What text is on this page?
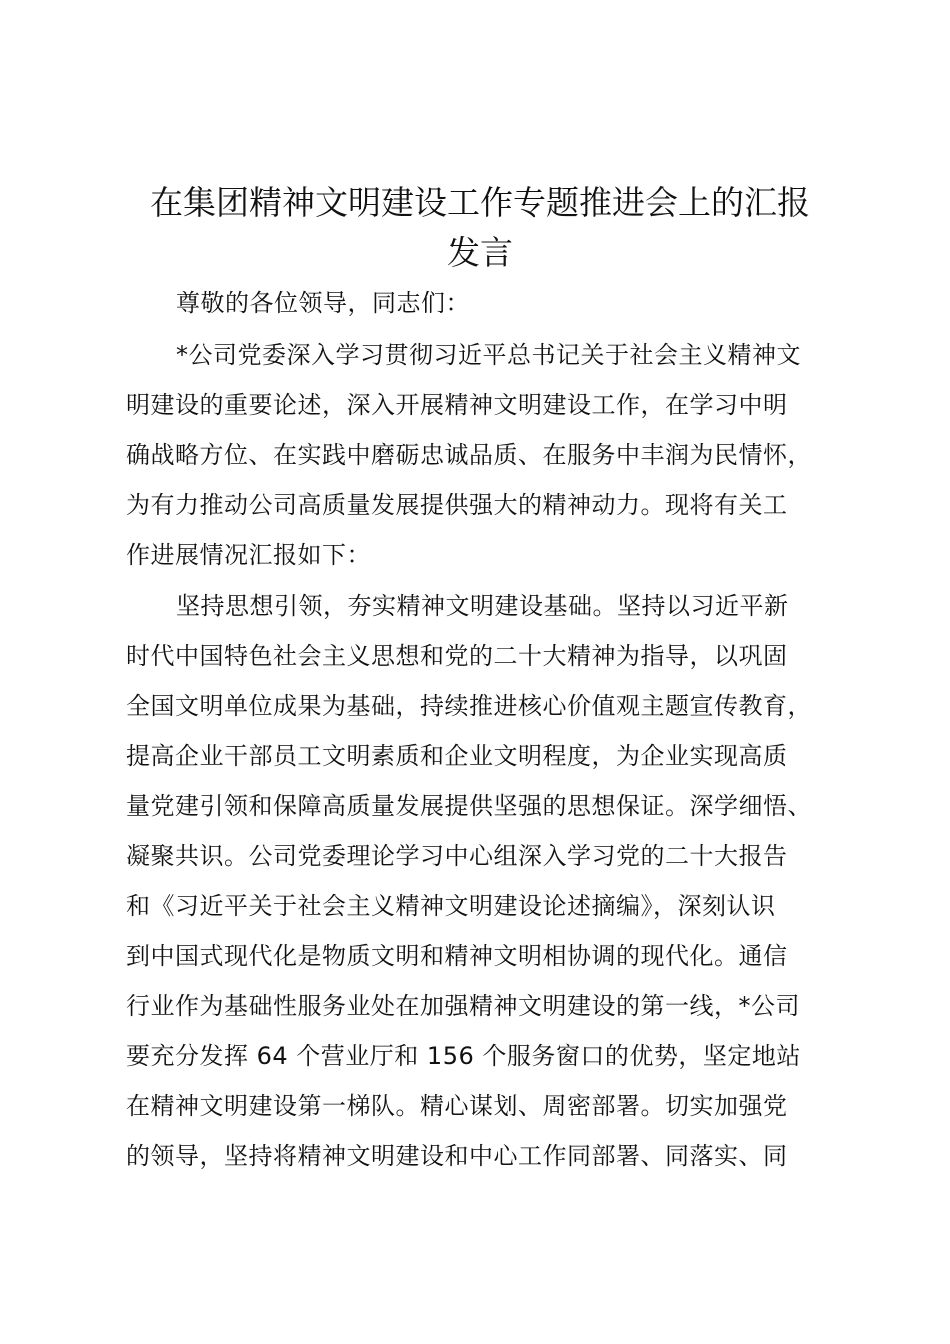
在集团精神文明建设工作专题推进会上的汇报
发言

尊敬的各位领导，同志们：

*公司党委深入学习贯彻习近平总书记关于社会主义精神文

明建设的重要论述，深入开展精神文明建设工作，在学习中明

确战略方位、在实践中磨砺忠诚品质、在服务中丰润为民情怀，

为有力推动公司高质量发展提供强大的精神动力。现将有关工

作进展情况汇报如下：

坚持思想引领，夯实精神文明建设基础。坚持以习近平新

时代中国特色社会主义思想和党的二十大精神为指导，以巩固

全国文明单位成果为基础，持续推进核心价值观主题宣传教育，

提高企业干部员工文明素质和企业文明程度，为企业实现高质

量党建引领和保障高质量发展提供坚强的思想保证。深学细悟、

凝聚共识。公司党委理论学习中心组深入学习党的二十大报告

和《习近平关于社会主义精神文明建设论述摘编》，深刻认识

到中国式现代化是物质文明和精神文明相协调的现代化。通信

行业作为基础性服务业处在加强精神文明建设的第一线，*公司

要充分发挥 64 个营业厅和 156 个服务窗口的优势，坚定地站

在精神文明建设第一梯队。精心谋划、周密部署。切实加强党

的领导，坚持将精神文明建设和中心工作同部署、同落实、同
